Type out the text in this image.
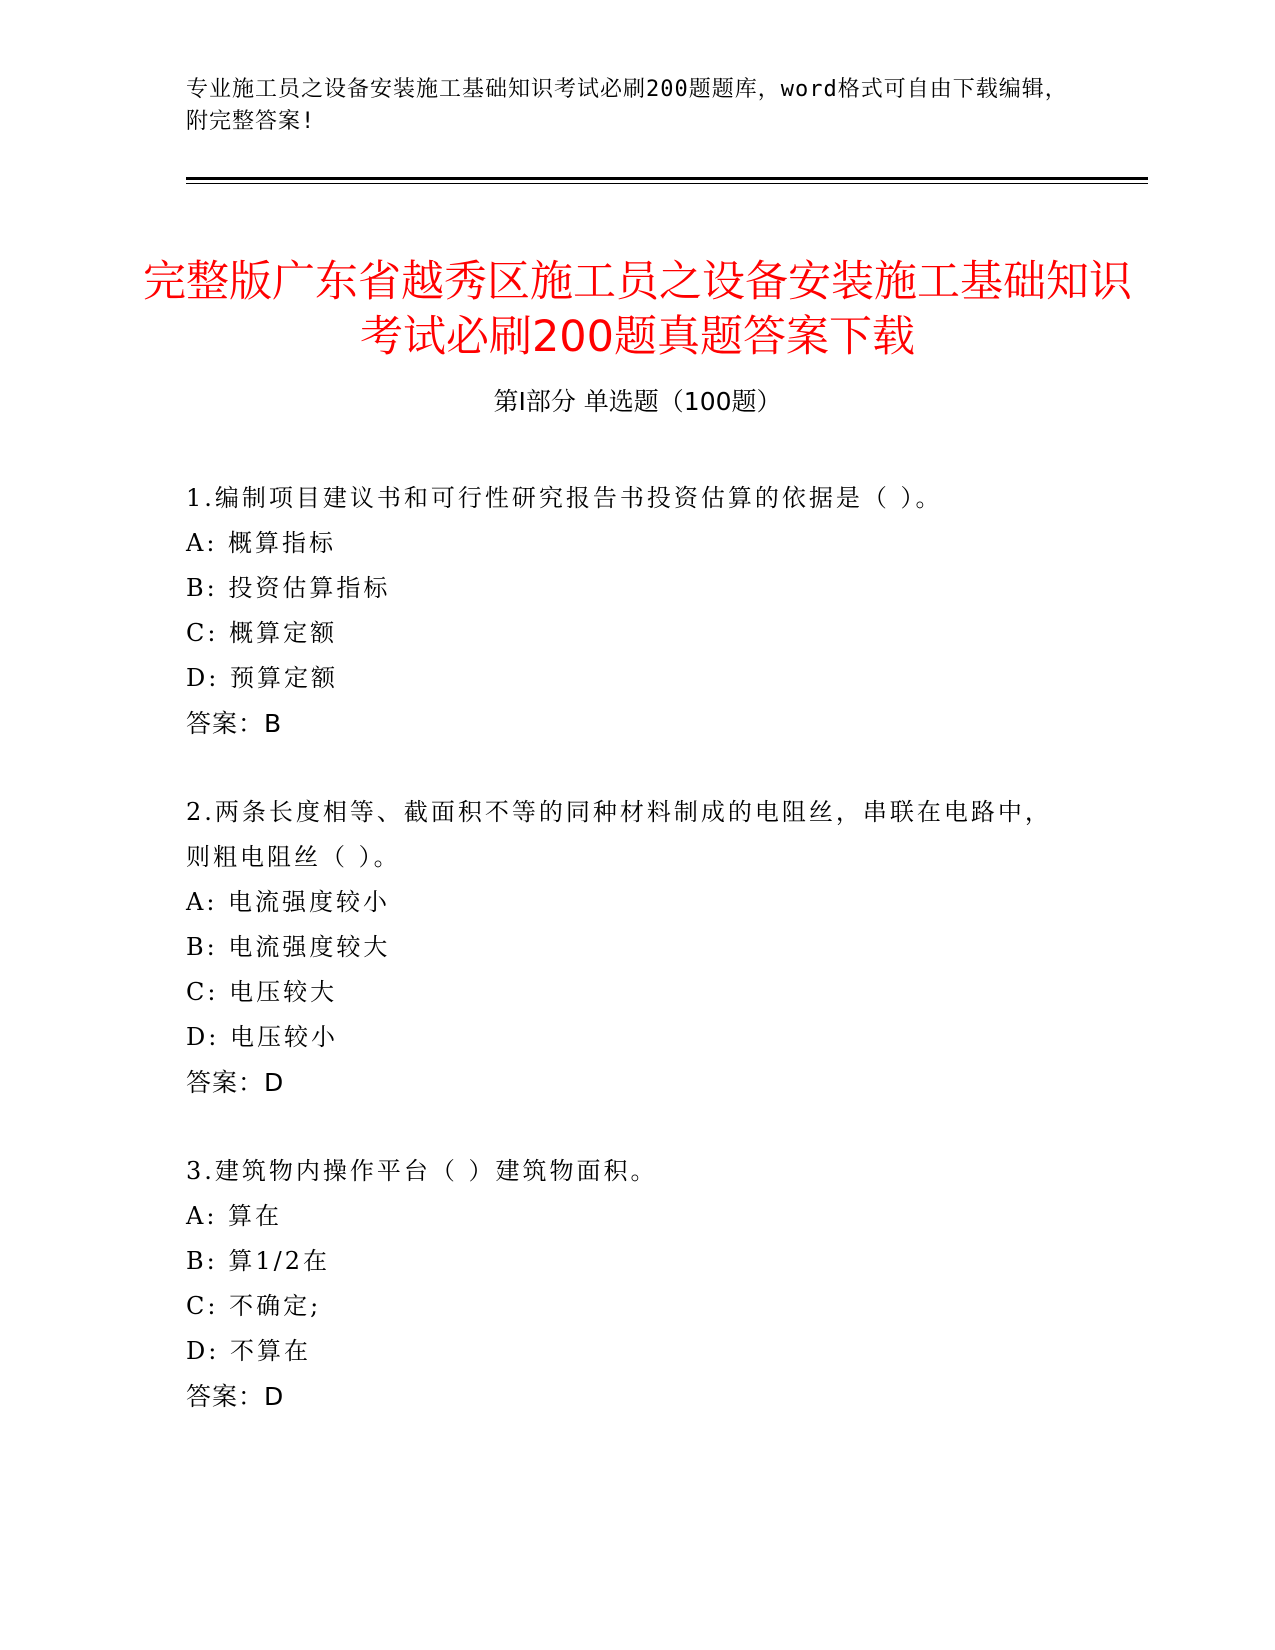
专业施工员之设备安装施工基础知识考试必刷200题题库，word格式可自由下载编辑，附完整答案!
完整版广东省越秀区施工员之设备安装施工基础知识考试必刷200题真题答案下载
第I部分 单选题（100题）
1.编制项目建议书和可行性研究报告书投资估算的依据是（ ）。
A: 概算指标
B: 投资估算指标
C: 概算定额
D: 预算定额
答案：B
2.两条长度相等、截面积不等的同种材料制成的电阻丝，串联在电路中，则粗电阻丝（ ）。
A: 电流强度较小
B: 电流强度较大
C: 电压较大
D: 电压较小
答案：D
3.建筑物内操作平台（ ）建筑物面积。
A: 算在
B: 算1/2在
C: 不确定;
D: 不算在
答案：D
